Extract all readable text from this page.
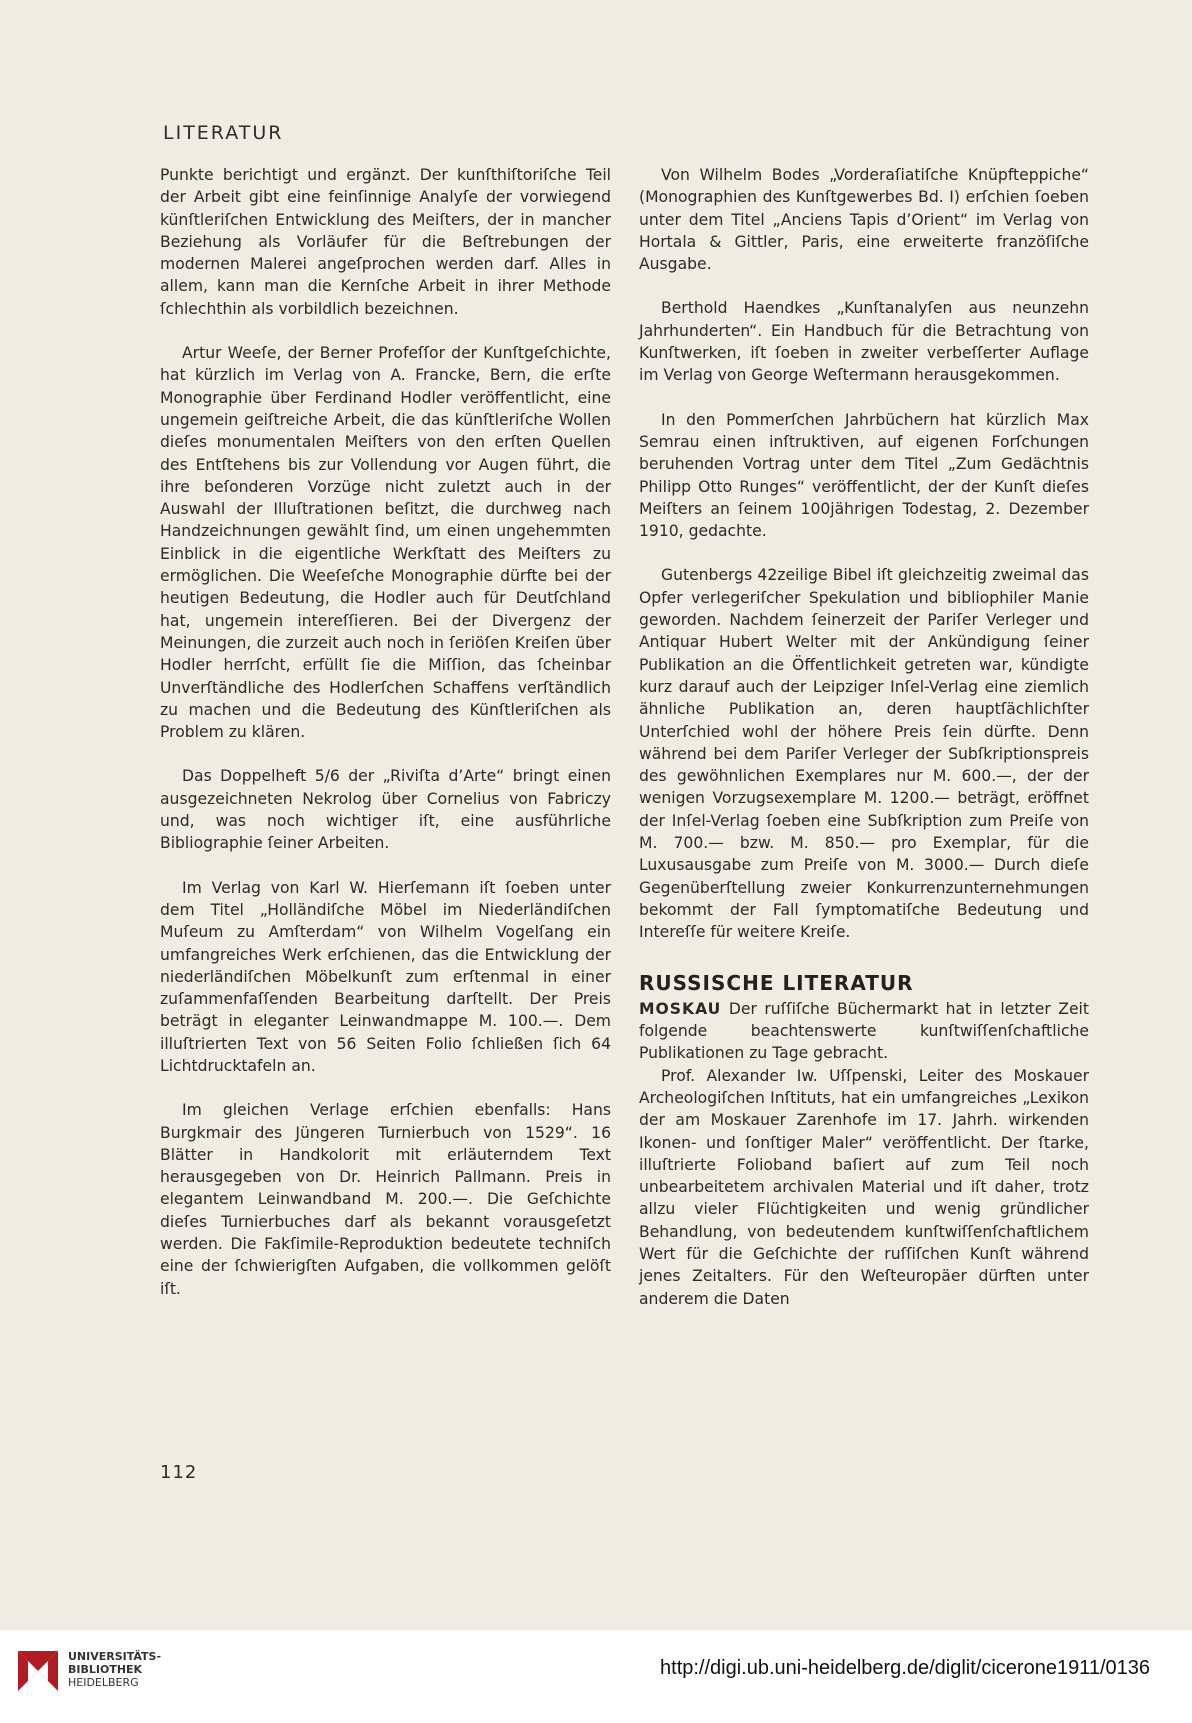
LITERATUR

Punkte berichtigt und ergänzt. Der kunſthiſtoriſche Teil der Arbeit gibt eine feinſinnige Analyſe der vorwiegend künſtleriſchen Entwicklung des Meiſters, der in mancher Beziehung als Vorläufer für die Beſtrebungen der modernen Malerei angeſprochen werden darf. Alles in allem, kann man die Kernſche Arbeit in ihrer Methode ſchlechthin als vorbildlich bezeichnen.

Artur Weeſe, der Berner Profeſſor der Kunſtgeſchichte, hat kürzlich im Verlag von A. Francke, Bern, die erſte Monographie über Ferdinand Hodler veröffentlicht, eine ungemein geiſtreiche Arbeit, die das künſtleriſche Wollen dieſes monumentalen Meiſters von den erſten Quellen des Entſtehens bis zur Vollendung vor Augen führt, die ihre beſonderen Vorzüge nicht zuletzt auch in der Auswahl der Illuſtrationen beſitzt, die durchweg nach Handzeichnungen gewählt ſind, um einen ungehemmten Einblick in die eigentliche Werkſtatt des Meiſters zu ermöglichen. Die Weeſeſche Monographie dürfte bei der heutigen Bedeutung, die Hodler auch für Deutſchland hat, ungemein intereſſieren. Bei der Divergenz der Meinungen, die zurzeit auch noch in ſeriöſen Kreiſen über Hodler herrſcht, erfüllt ſie die Miſſion, das ſcheinbar Unverſtändliche des Hodlerſchen Schaffens verſtändlich zu machen und die Bedeutung des Künſtleriſchen als Problem zu klären.

Das Doppelheft 5/6 der „Riviſta d’Arte“ bringt einen ausgezeichneten Nekrolog über Cornelius von Fabriczy und, was noch wichtiger iſt, eine ausführliche Bibliographie ſeiner Arbeiten.

Im Verlag von Karl W. Hierſemann iſt ſoeben unter dem Titel „Holländiſche Möbel im Niederländiſchen Muſeum zu Amſterdam“ von Wilhelm Vogelſang ein umfangreiches Werk erſchienen, das die Entwicklung der niederländiſchen Möbelkunſt zum erſtenmal in einer zuſammenfaſſenden Bearbeitung darſtellt. Der Preis beträgt in eleganter Leinwandmappe M. 100.—. Dem illuſtrierten Text von 56 Seiten Folio ſchließen ſich 64 Lichtdrucktafeln an.

Im gleichen Verlage erſchien ebenfalls: Hans Burgkmair des Jüngeren Turnierbuch von 1529“. 16 Blätter in Handkolorit mit erläuterndem Text herausgegeben von Dr. Heinrich Pallmann. Preis in elegantem Leinwandband M. 200.—. Die Geſchichte dieſes Turnierbuches darf als bekannt vorausgeſetzt werden. Die Fakſimile-Reproduktion bedeutete techniſch eine der ſchwierigſten Aufgaben, die vollkommen gelöſt iſt.

Von Wilhelm Bodes „Vorderaſiatiſche Knüpfteppiche“ (Monographien des Kunſtgewerbes Bd. I) erſchien ſoeben unter dem Titel „Anciens Tapis d’Orient“ im Verlag von Hortala & Gittler, Paris, eine erweiterte franzöſiſche Ausgabe.

Berthold Haendkes „Kunſtanalyſen aus neunzehn Jahrhunderten“. Ein Handbuch für die Betrachtung von Kunſtwerken, iſt ſoeben in zweiter verbeſſerter Auflage im Verlag von George Weſtermann herausgekommen.

In den Pommerſchen Jahrbüchern hat kürzlich Max Semrau einen inſtruktiven, auf eigenen Forſchungen beruhenden Vortrag unter dem Titel „Zum Gedächtnis Philipp Otto Runges“ veröffentlicht, der der Kunſt dieſes Meiſters an ſeinem 100jährigen Todestag, 2. Dezember 1910, gedachte.

Gutenbergs 42zeilige Bibel iſt gleichzeitig zweimal das Opfer verlegeriſcher Spekulation und bibliophiler Manie geworden. Nachdem ſeinerzeit der Pariſer Verleger und Antiquar Hubert Welter mit der Ankündigung ſeiner Publikation an die Öffentlichkeit getreten war, kündigte kurz darauf auch der Leipziger Inſel-Verlag eine ziemlich ähnliche Publikation an, deren hauptſächlichſter Unterſchied wohl der höhere Preis ſein dürfte. Denn während bei dem Pariſer Verleger der Subſkriptionspreis des gewöhnlichen Exemplares nur M. 600.—, der der wenigen Vorzugsexemplare M. 1200.— beträgt, eröffnet der Inſel-Verlag ſoeben eine Subſkription zum Preiſe von M. 700.— bzw. M. 850.— pro Exemplar, für die Luxusausgabe zum Preiſe von M. 3000.— Durch dieſe Gegenüberſtellung zweier Konkurrenzunternehmungen bekommt der Fall ſymptomatiſche Bedeutung und Intereſſe für weitere Kreiſe.

RUSSISCHE LITERATUR

MOSKAU Der ruſſiſche Büchermarkt hat in letzter Zeit folgende beachtenswerte kunſtwiſſenſchaftliche Publikationen zu Tage gebracht.

Prof. Alexander Iw. Uſſpenski, Leiter des Moskauer Archeologiſchen Inſtituts, hat ein umfangreiches „Lexikon der am Moskauer Zarenhofe im 17. Jahrh. wirkenden Ikonen- und ſonſtiger Maler“ veröffentlicht. Der ſtarke, illuſtrierte Folioband baſiert auf zum Teil noch unbearbeitetem archivalen Material und iſt daher, trotz allzu vieler Flüchtigkeiten und wenig gründlicher Behandlung, von bedeutendem kunſtwiſſenſchaftlichem Wert für die Geſchichte der ruſſiſchen Kunſt während jenes Zeitalters. Für den Weſteuropäer dürften unter anderem die Daten

112
UNIVERSITÄTS-
BIBLIOTHEK
HEIDELBERG
http://digi.ub.uni-heidelberg.de/diglit/cicerone1911/0136
